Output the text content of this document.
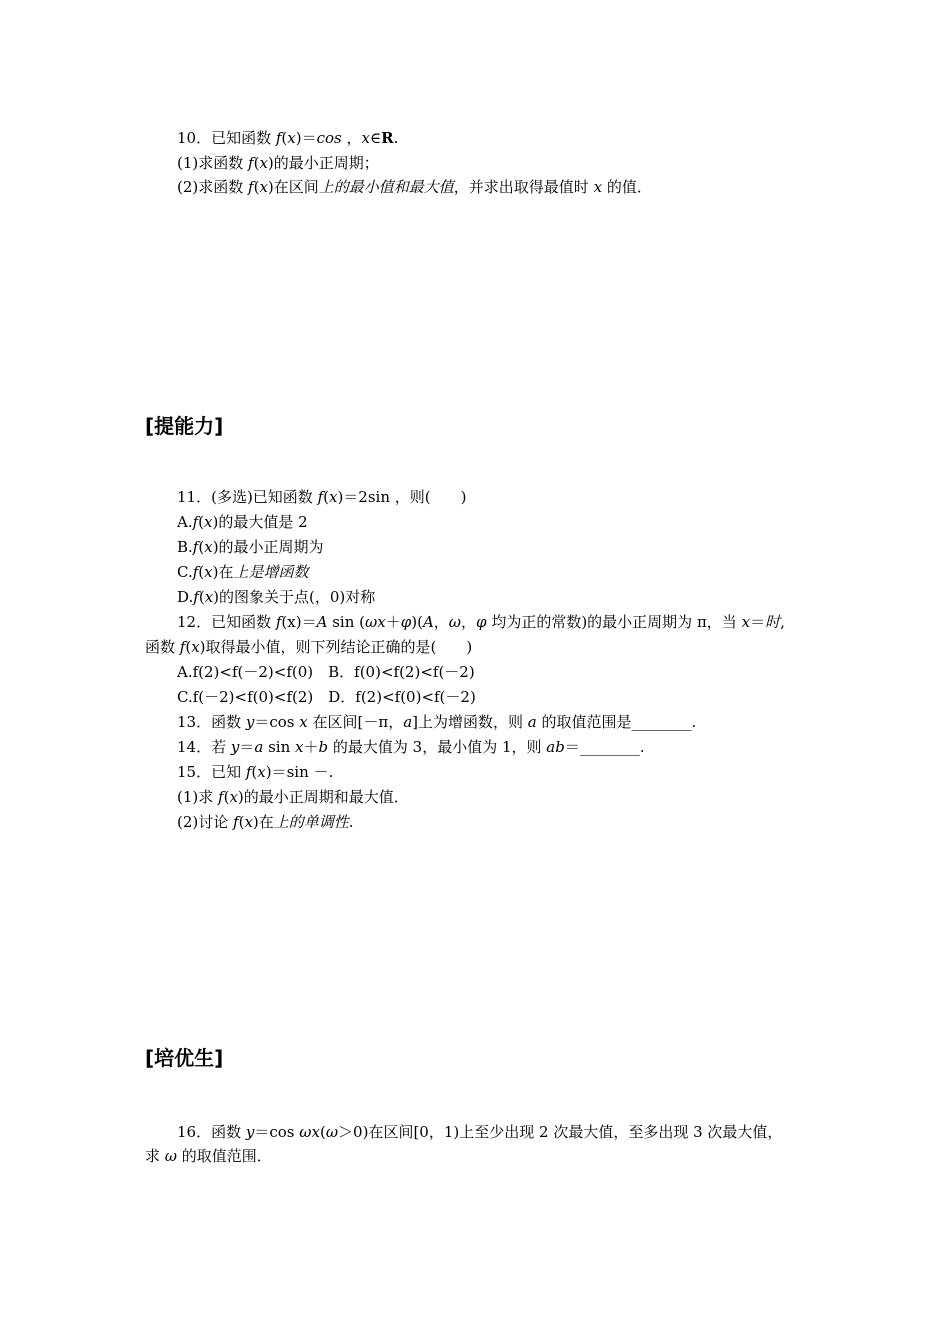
10．已知函数 f(x)＝cos ，x∈R.
(1)求函数 f(x)的最小正周期；
(2)求函数 f(x)在区间上的最小值和最大值，并求出取得最值时 x 的值．
[提能力]
11．(多选)已知函数 f(x)＝2sin ，则(　　)
A.f(x)的最大值是 2
B.f(x)的最小正周期为
C.f(x)在上是增函数
D.f(x)的图象关于点(，0)对称
12．已知函数 f(x)＝A sin (ωx＋φ)(A，ω，φ 均为正的常数)的最小正周期为 π，当 x＝时,
函数 f(x)取得最小值，则下列结论正确的是(　　)
A.f(2)<f(－2)<f(0)　B．f(0)<f(2)<f(－2)
C.f(－2)<f(0)<f(2)　D．f(2)<f(0)<f(－2)
13．函数 y＝cos x 在区间[－π，a]上为增函数，则 a 的取值范围是________.
14．若 y＝a sin x＋b 的最大值为 3，最小值为 1，则 ab＝________.
15．已知 f(x)＝sin －.
(1)求 f(x)的最小正周期和最大值．
(2)讨论 f(x)在上的单调性.
[培优生]
16．函数 y＝cos ωx(ω＞0)在区间[0，1)上至少出现 2 次最大值，至多出现 3 次最大值，
求 ω 的取值范围．
